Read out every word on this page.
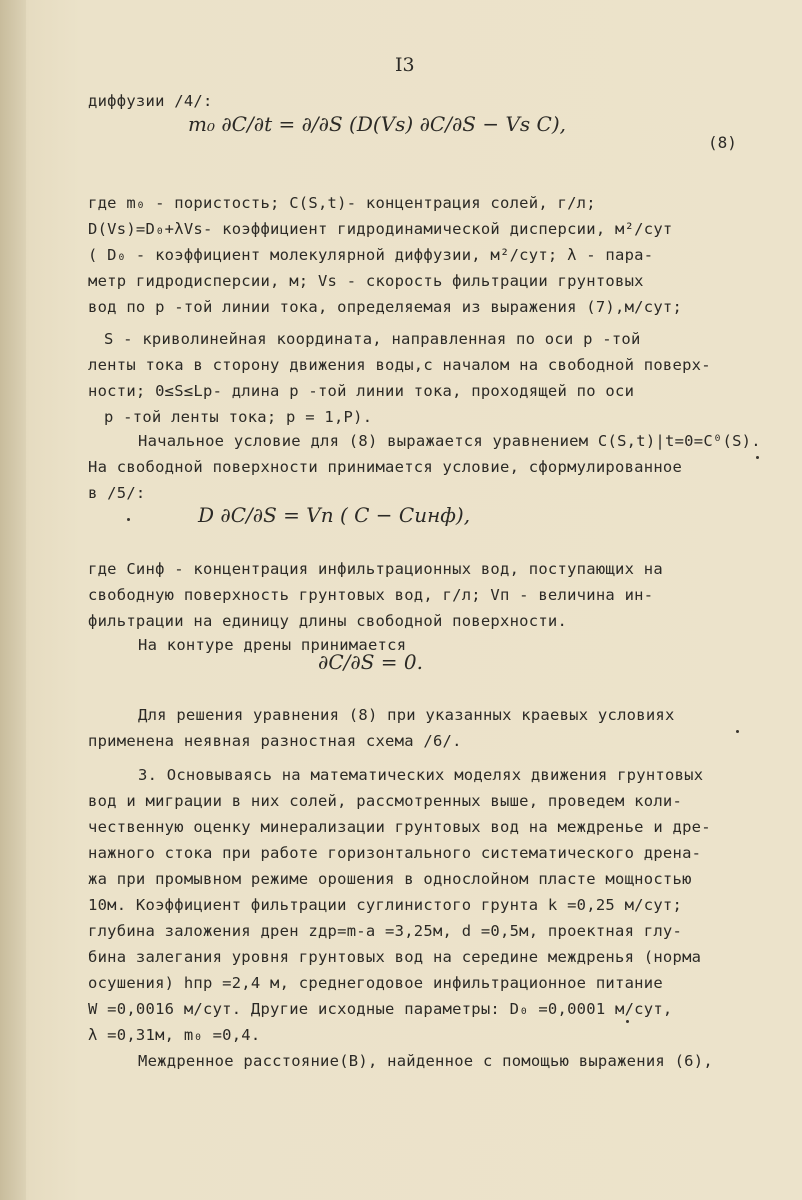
I3
диффузии /4/:
m₀ ∂C/∂t = ∂/∂S (D(Vs) ∂C/∂S − Vs C),
(8)
где m₀ - пористость; С(S,t)- концентрация солей, г/л;
D(Vs)=D₀+λVs- коэффициент гидродинамической дисперсии, м²/сут
( D₀ - коэффициент молекулярной диффузии, м²/сут; λ - пара-
метр гидродисперсии, м; Vs - скорость фильтрации грунтовых
вод по p -той линии тока, определяемая из выражения (7),м/сут;
S - криволинейная координата, направленная по оси p -той
ленты тока в сторону движения воды,с началом на свободной поверх-
ности; 0≤S≤Lp- длина p -той линии тока, проходящей по оси
p -той ленты тока; p = 1,P).
Начальное условие для (8) выражается уравнением C(S,t)|t=0=C⁰(S).
На свободной поверхности принимается условие, сформулированное
в /5/:
D ∂C/∂S = Vп ( C − Cинф),
где Cинф - концентрация инфильтрационных вод, поступающих на
свободную поверхность грунтовых вод, г/л; Vп - величина ин-
фильтрации на единицу длины свободной поверхности.
На контуре дрены принимается
∂C/∂S = 0.
Для решения уравнения (8) при указанных краевых условиях
применена неявная разностная схема /6/.
3. Основываясь на математических моделях движения грунтовых
вод и миграции в них солей, рассмотренных выше, проведем коли-
чественную оценку минерализации грунтовых вод на междренье и дре-
нажного стока при работе горизонтального систематического дрена-
жа при промывном режиме орошения в однослойном пласте мощностью
10м. Коэффициент фильтрации суглинистого грунта k =0,25 м/сут;
глубина заложения дрен zдр=m-a =3,25м, d =0,5м, проектная глу-
бина залегания уровня грунтовых вод на середине междренья (норма
осушения) hпр =2,4 м, среднегодовое инфильтрационное питание
W =0,0016 м/сут. Другие исходные параметры: D₀ =0,0001 м/сут,
λ =0,31м, m₀ =0,4.
Междренное расстояние(В), найденное с помощью выражения (6),
